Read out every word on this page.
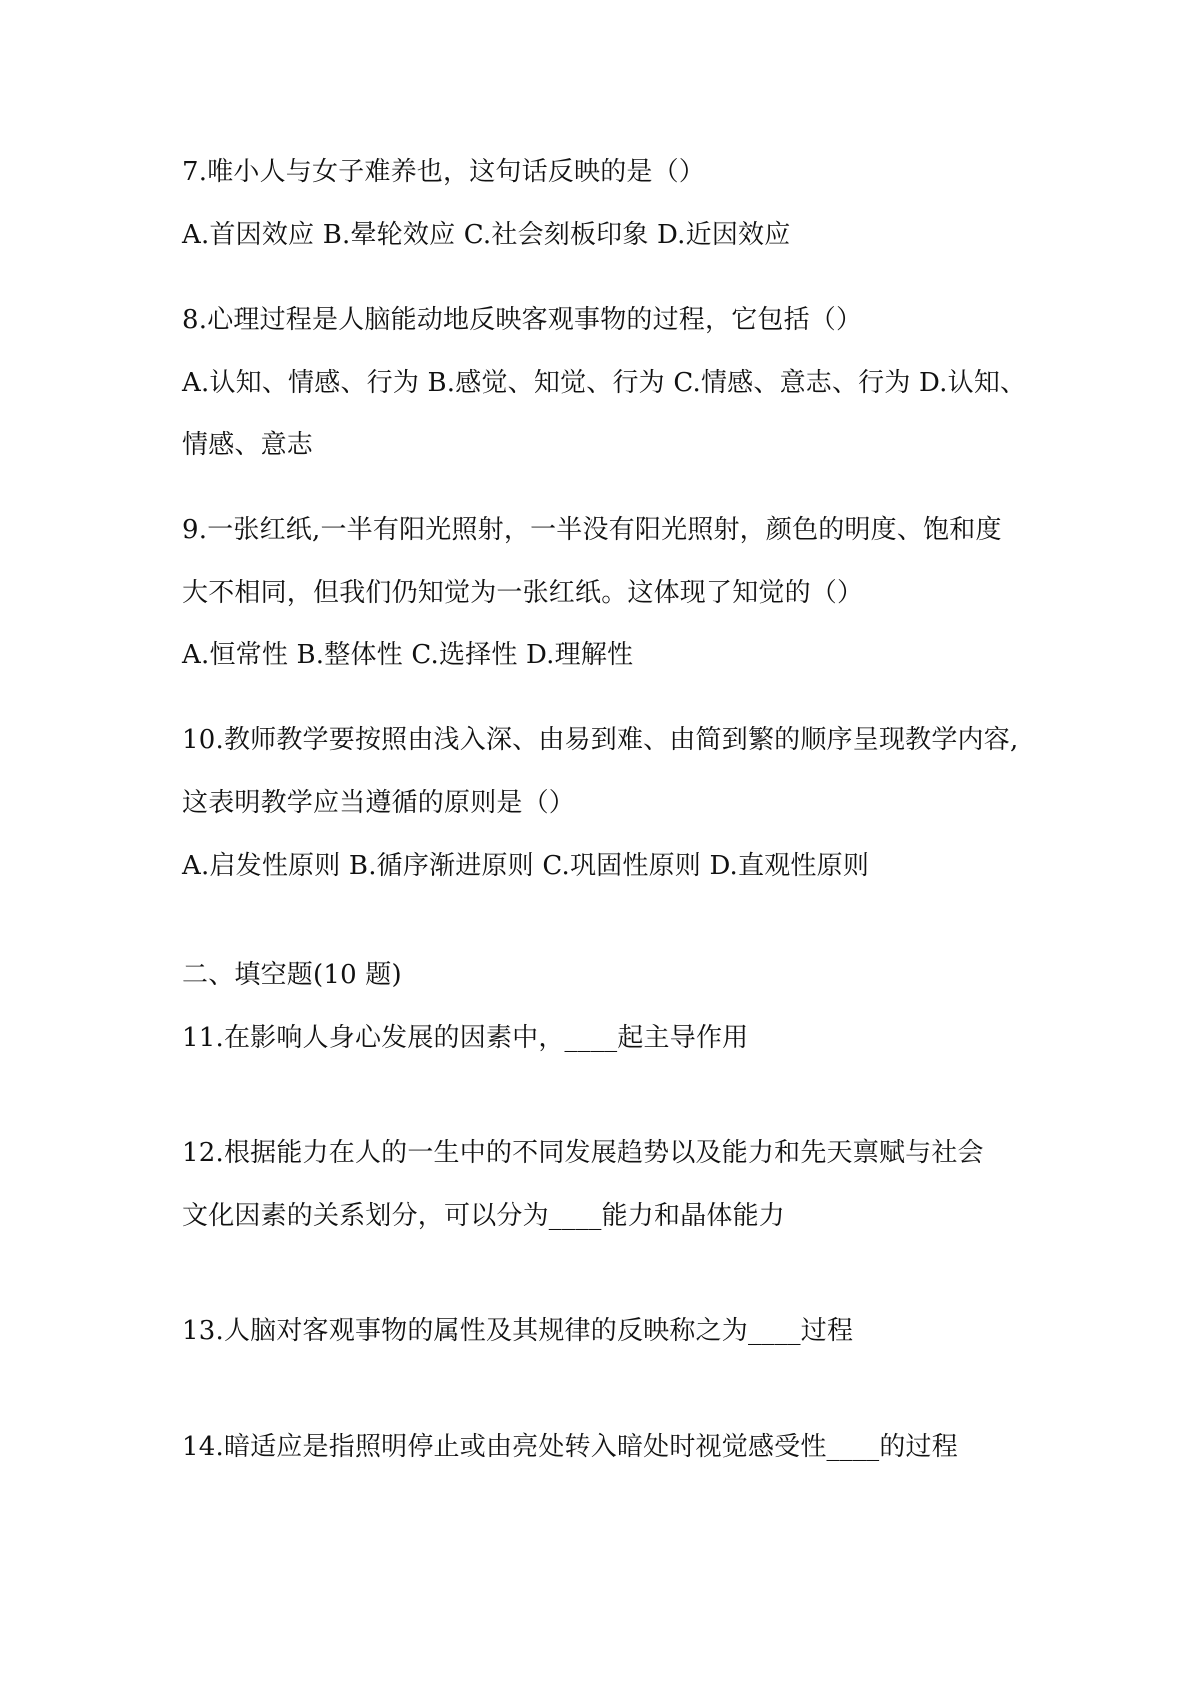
7.唯小人与女子难养也，这句话反映的是（）
A.首因效应 B.晕轮效应 C.社会刻板印象 D.近因效应
8.心理过程是人脑能动地反映客观事物的过程，它包括（）
A.认知、情感、行为 B.感觉、知觉、行为 C.情感、意志、行为 D.认知、
情感、意志
9.一张红纸,一半有阳光照射，一半没有阳光照射，颜色的明度、饱和度
大不相同，但我们仍知觉为一张红纸。这体现了知觉的（）
A.恒常性 B.整体性 C.选择性 D.理解性
10.教师教学要按照由浅入深、由易到难、由简到繁的顺序呈现教学内容,
这表明教学应当遵循的原则是（）
A.启发性原则 B.循序渐进原则 C.巩固性原则 D.直观性原则
二、填空题(10 题)
11.在影响人身心发展的因素中，____起主导作用
12.根据能力在人的一生中的不同发展趋势以及能力和先天禀赋与社会
文化因素的关系划分，可以分为____能力和晶体能力
13.人脑对客观事物的属性及其规律的反映称之为____过程
14.暗适应是指照明停止或由亮处转入暗处时视觉感受性____的过程
